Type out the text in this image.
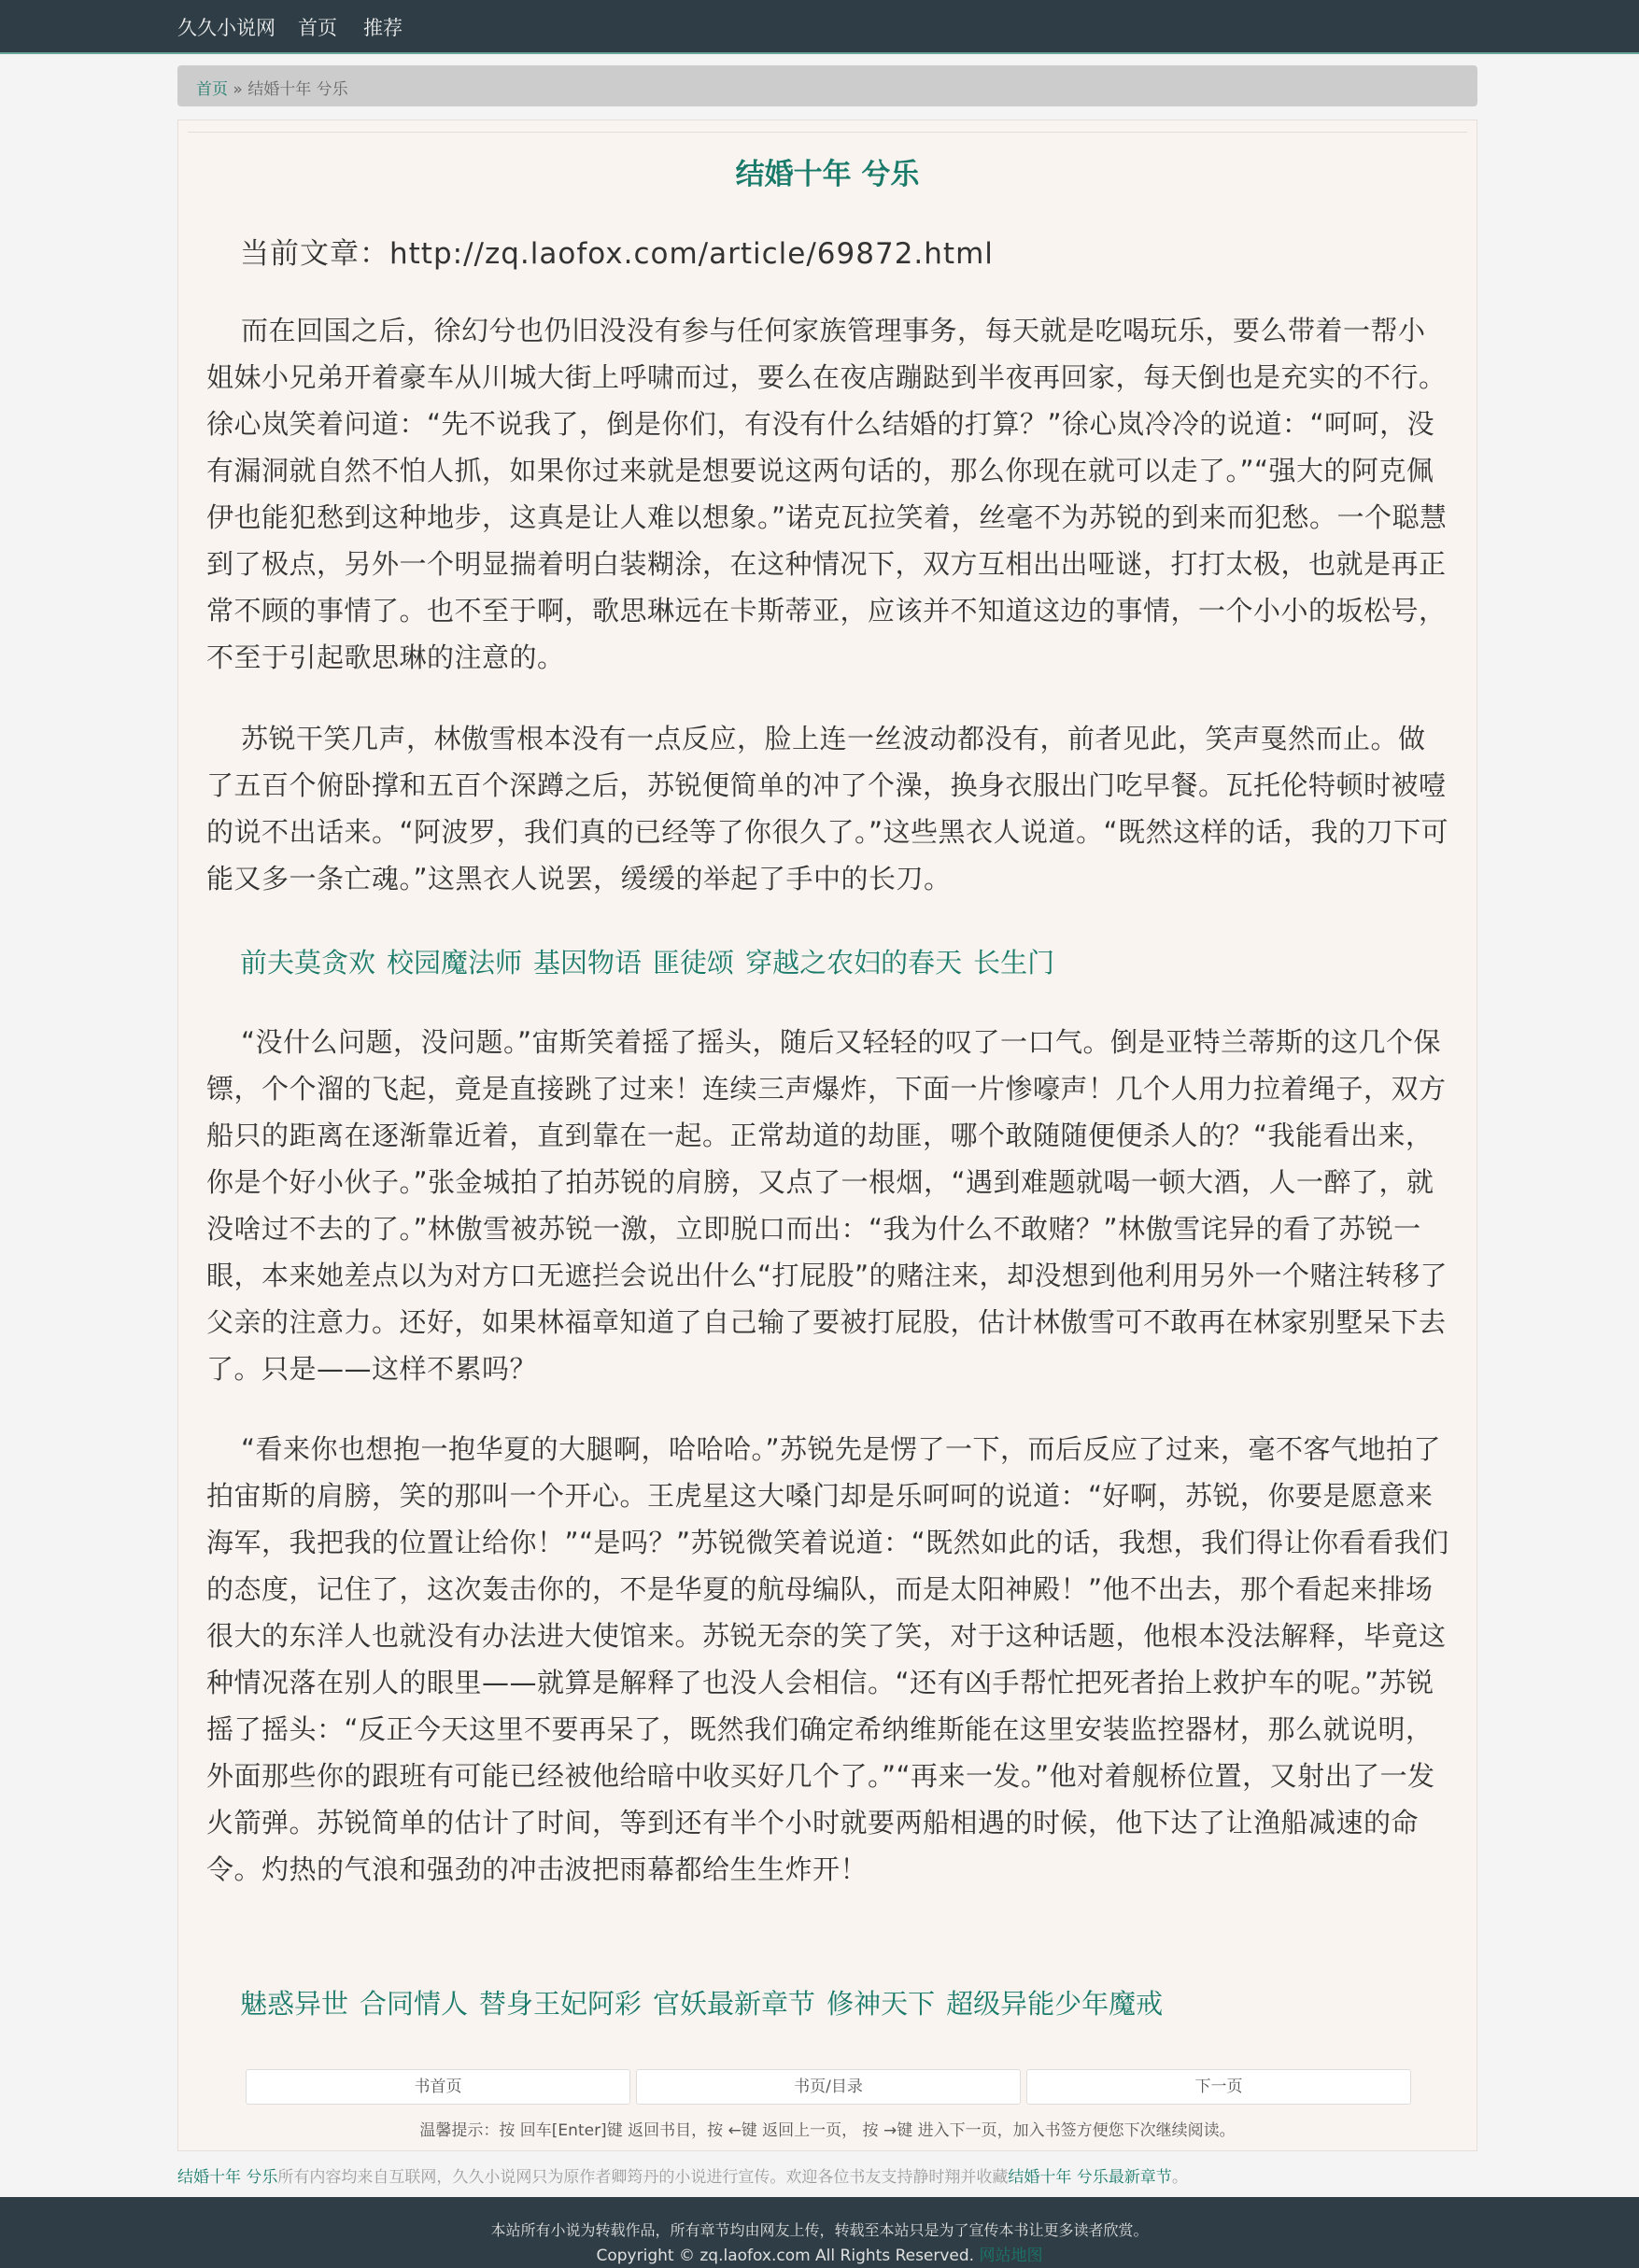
久久小说网 首页 推荐
首页 » 结婚十年 兮乐
结婚十年 兮乐
当前文章：http://zq.laofox.com/article/69872.html

而在回国之后，徐幻兮也仍旧没没有参与任何家族管理事务，每天就是吃喝玩乐，要么带着一帮小姐妹小兄弟开着豪车从川城大街上呼啸而过，要么在夜店蹦跶到半夜再回家，每天倒也是充实的不行。徐心岚笑着问道：“先不说我了，倒是你们，有没有什么结婚的打算？”徐心岚冷冷的说道：“呵呵，没有漏洞就自然不怕人抓，如果你过来就是想要说这两句话的，那么你现在就可以走了。”“强大的阿克佩伊也能犯愁到这种地步，这真是让人难以想象。”诺克瓦拉笑着，丝毫不为苏锐的到来而犯愁。一个聪慧到了极点，另外一个明显揣着明白装糊涂，在这种情况下，双方互相出出哑谜，打打太极，也就是再正常不顾的事情了。也不至于啊，歌思琳远在卡斯蒂亚，应该并不知道这边的事情，一个小小的坂松号，不至于引起歌思琳的注意的。

苏锐干笑几声，林傲雪根本没有一点反应，脸上连一丝波动都没有，前者见此，笑声戛然而止。做了五百个俯卧撑和五百个深蹲之后，苏锐便简单的冲了个澡，换身衣服出门吃早餐。瓦托伦特顿时被噎的说不出话来。“阿波罗，我们真的已经等了你很久了。”这些黑衣人说道。“既然这样的话，我的刀下可能又多一条亡魂。”这黑衣人说罢，缓缓的举起了手中的长刀。

前夫莫贪欢 校园魔法师 基因物语 匪徒颂 穿越之农妇的春天 长生门

“没什么问题，没问题。”宙斯笑着摇了摇头，随后又轻轻的叹了一口气。倒是亚特兰蒂斯的这几个保镖，个个溜的飞起，竟是直接跳了过来！连续三声爆炸，下面一片惨嚎声！几个人用力拉着绳子，双方船只的距离在逐渐靠近着，直到靠在一起。正常劫道的劫匪，哪个敢随随便便杀人的？“我能看出来，你是个好小伙子。”张金城拍了拍苏锐的肩膀，又点了一根烟，“遇到难题就喝一顿大酒，人一醉了，就没啥过不去的了。”林傲雪被苏锐一激，立即脱口而出：“我为什么不敢赌？”林傲雪诧异的看了苏锐一眼，本来她差点以为对方口无遮拦会说出什么“打屁股”的赌注来，却没想到他利用另外一个赌注转移了父亲的注意力。还好，如果林福章知道了自己输了要被打屁股，估计林傲雪可不敢再在林家别墅呆下去了。只是——这样不累吗？

“看来你也想抱一抱华夏的大腿啊，哈哈哈。”苏锐先是愣了一下，而后反应了过来，毫不客气地拍了拍宙斯的肩膀，笑的那叫一个开心。王虎星这大嗓门却是乐呵呵的说道：“好啊，苏锐，你要是愿意来海军，我把我的位置让给你！”“是吗？”苏锐微笑着说道：“既然如此的话，我想，我们得让你看看我们的态度，记住了，这次轰击你的，不是华夏的航母编队，而是太阳神殿！”他不出去，那个看起来排场很大的东洋人也就没有办法进大使馆来。苏锐无奈的笑了笑，对于这种话题，他根本没法解释，毕竟这种情况落在别人的眼里——就算是解释了也没人会相信。“还有凶手帮忙把死者抬上救护车的呢。”苏锐摇了摇头：“反正今天这里不要再呆了，既然我们确定希纳维斯能在这里安装监控器材，那么就说明，外面那些你的跟班有可能已经被他给暗中收买好几个了。”“再来一发。”他对着舰桥位置，又射出了一发火箭弹。苏锐简单的估计了时间，等到还有半个小时就要两船相遇的时候，他下达了让渔船减速的命令。灼热的气浪和强劲的冲击波把雨幕都给生生炸开！

魅惑异世 合同情人 替身王妃阿彩 官妖最新章节 修神天下 超级异能少年魔戒
书首页	书页/目录	下一页
温馨提示：按 回车[Enter]键 返回书目，按 ←键 返回上一页， 按 →键 进入下一页，加入书签方便您下次继续阅读。
结婚十年 兮乐所有内容均来自互联网，久久小说网只为原作者卿筠丹的小说进行宣传。欢迎各位书友支持静时翔并收藏结婚十年 兮乐最新章节。
本站所有小说为转载作品，所有章节均由网友上传，转载至本站只是为了宣传本书让更多读者欣赏。
Copyright © zq.laofox.com All Rights Reserved. 网站地图
